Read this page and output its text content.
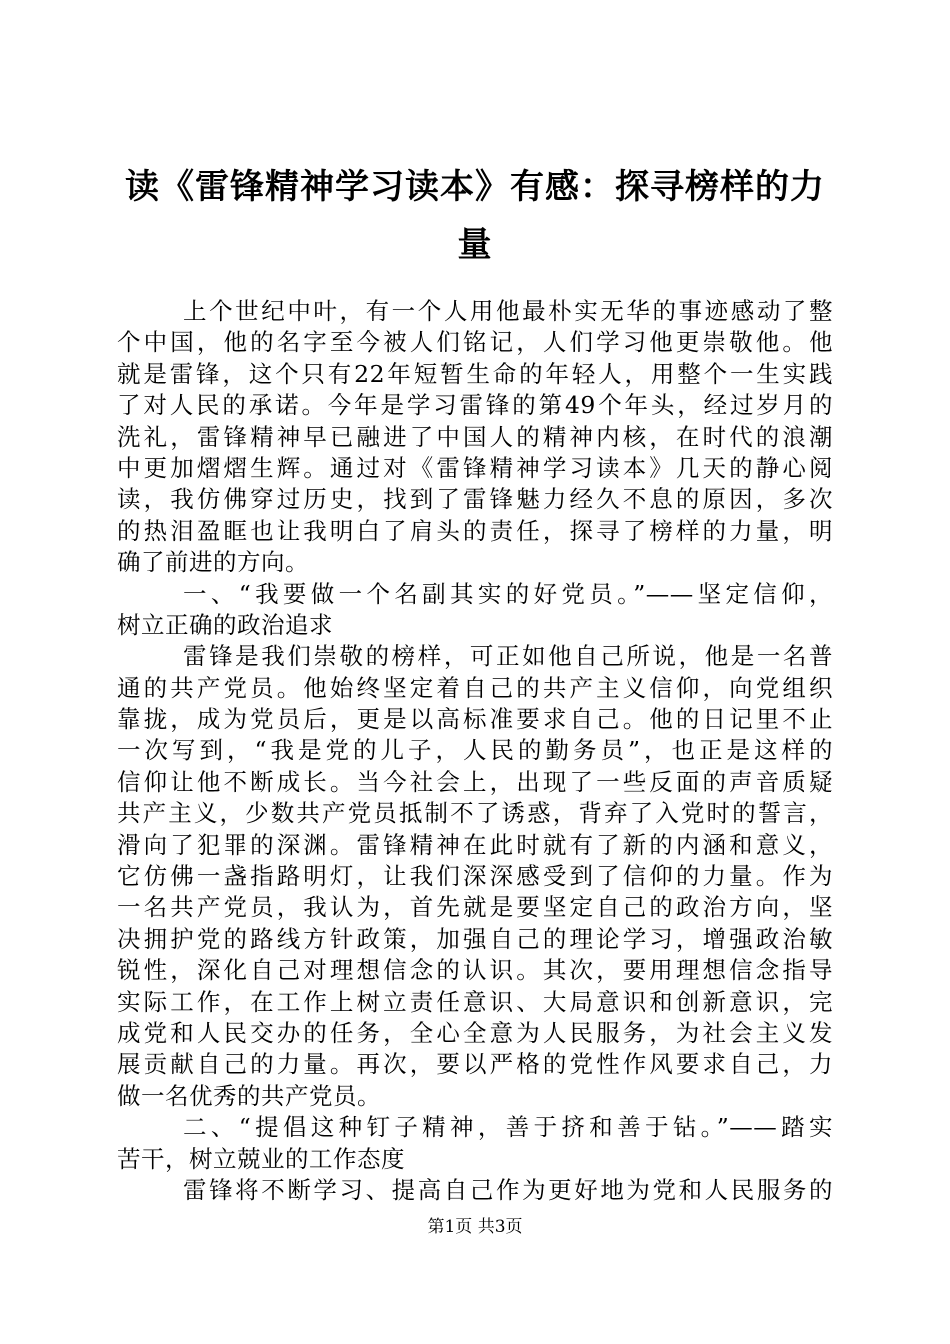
读《雷锋精神学习读本》有感：探寻榜样的力量
上个世纪中叶，有一个人用他最朴实无华的事迹感动了整
个中国，他的名字至今被人们铭记，人们学习他更崇敬他。他
就是雷锋，这个只有22年短暂生命的年轻人，用整个一生实践
了对人民的承诺。今年是学习雷锋的第49个年头，经过岁月的
洗礼，雷锋精神早已融进了中国人的精神内核，在时代的浪潮
中更加熠熠生辉。通过对《雷锋精神学习读本》几天的静心阅
读，我仿佛穿过历史，找到了雷锋魅力经久不息的原因，多次
的热泪盈眶也让我明白了肩头的责任，探寻了榜样的力量，明
确了前进的方向。
一、“我要做一个名副其实的好党员。”——坚定信仰，
树立正确的政治追求
雷锋是我们崇敬的榜样，可正如他自己所说，他是一名普
通的共产党员。他始终坚定着自己的共产主义信仰，向党组织
靠拢，成为党员后，更是以高标准要求自己。他的日记里不止
一次写到，“我是党的儿子，人民的勤务员”，也正是这样的
信仰让他不断成长。当今社会上，出现了一些反面的声音质疑
共产主义，少数共产党员抵制不了诱惑，背弃了入党时的誓言，
滑向了犯罪的深渊。雷锋精神在此时就有了新的内涵和意义，
它仿佛一盏指路明灯，让我们深深感受到了信仰的力量。作为
一名共产党员，我认为，首先就是要坚定自己的政治方向，坚
决拥护党的路线方针政策，加强自己的理论学习，增强政治敏
锐性，深化自己对理想信念的认识。其次，要用理想信念指导
实际工作，在工作上树立责任意识、大局意识和创新意识，完
成党和人民交办的任务，全心全意为人民服务，为社会主义发
展贡献自己的力量。再次，要以严格的党性作风要求自己，力
做一名优秀的共产党员。
二、“提倡这种钉子精神，善于挤和善于钻。”——踏实
苦干，树立兢业的工作态度
雷锋将不断学习、提高自己作为更好地为党和人民服务的
第1页 共3页
